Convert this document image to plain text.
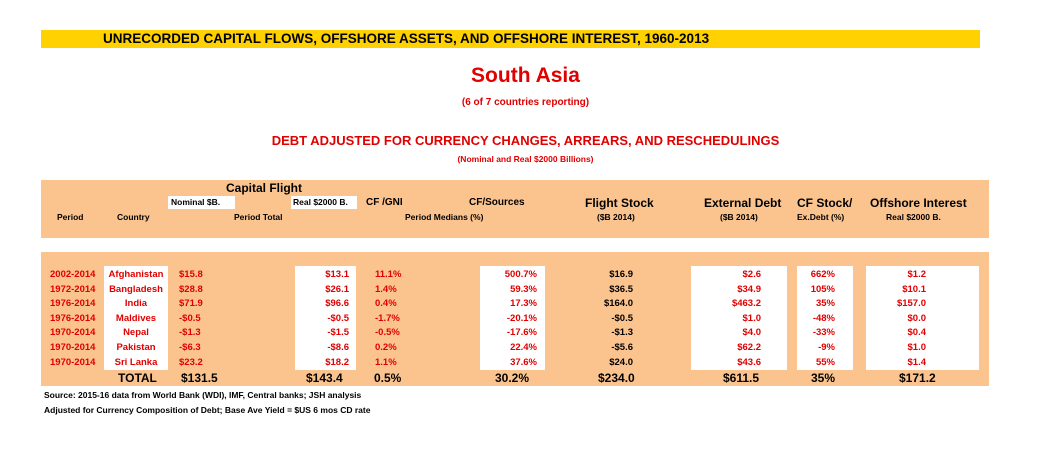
UNRECORDED CAPITAL FLOWS, OFFSHORE ASSETS, AND OFFSHORE INTEREST, 1960-2013
South Asia
(6 of 7 countries reporting)
DEBT ADJUSTED FOR CURRENCY CHANGES, ARREARS, AND RESCHEDULINGS
(Nominal and Real $2000 Billions)
Capital Flight
Nominal $B.	Real $2000 B.	CF /GNI	CF/Sources	Flight Stock
($B 2014)
External Debt
($B 2014)
CF Stock/
Ex.Debt (%)
Offshore Interest
Real $2000 B.
Period	Country	Period Total	Period Medians (%)
2002-2014	Afghanistan	$15.8	$13.1	11.1%	500.7%	$16.9	$2.6	662%	$1.2
1972-2014	Bangladesh	$28.8	$26.1	1.4%	59.3%	$36.5	$34.9	105%	$10.1
1976-2014	India	$71.9	$96.6	0.4%	17.3%	$164.0	$463.2	35%	$157.0
1976-2014	Maldives	-$0.5	-$0.5	-1.7%	-20.1%	-$0.5	$1.0	-48%	$0.0
1970-2014	Nepal	-$1.3	-$1.5	-0.5%	-17.6%	-$1.3	$4.0	-33%	$0.4
1970-2014	Pakistan	-$6.3	-$8.6	0.2%	22.4%	-$5.6	$62.2	-9%	$1.0
1970-2014	Sri Lanka	$23.2	$18.2	1.1%	37.6%	$24.0	$43.6	55%	$1.4
TOTAL $131.5	$143.4	0.5%	30.2%	$234.0	$611.5	35%	$171.2
Source: 2015-16 data from World Bank (WDI), IMF, Central banks; JSH analysis
Adjusted for Currency Composition of Debt; Base Ave Yield = $US 6 mos CD rate
